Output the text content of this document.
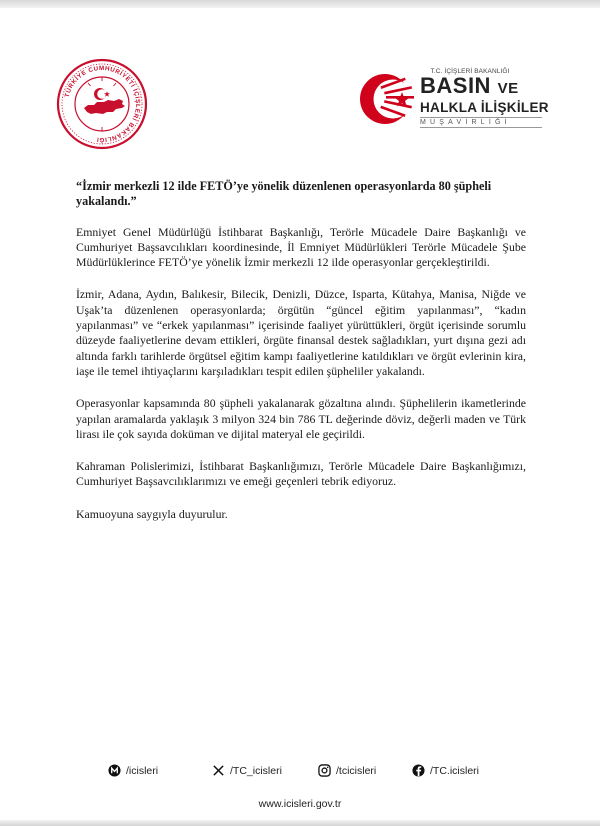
TÜRKİYE CUMHURİYETİ İÇİŞLERİ BAKANLIĞI
T.C. İÇİŞLERİ BAKANLIĞI
BASIN VE
HALKLA İLİŞKİLER
MÜŞAVİRLİĞİ

“İzmir merkezli 12 ilde FETÖ’ye yönelik düzenlenen operasyonlarda 80 şüpheli yakalandı.”

Emniyet Genel Müdürlüğü İstihbarat Başkanlığı, Terörle Mücadele Daire Başkanlığı ve Cumhuriyet Başsavcılıkları koordinesinde, İl Emniyet Müdürlükleri Terörle Mücadele Şube Müdürlüklerince FETÖ’ye yönelik İzmir merkezli 12 ilde operasyonlar gerçekleştirildi.

İzmir, Adana, Aydın, Balıkesir, Bilecik, Denizli, Düzce, Isparta, Kütahya, Manisa, Niğde ve Uşak’ta düzenlenen operasyonlarda; örgütün “güncel eğitim yapılanması”, “kadın yapılanması” ve “erkek yapılanması” içerisinde faaliyet yürüttükleri, örgüt içerisinde sorumlu düzeyde faaliyetlerine devam ettikleri, örgüte finansal destek sağladıkları, yurt dışına gezi adı altında farklı tarihlerde örgütsel eğitim kampı faaliyetlerine katıldıkları ve örgüt evlerinin kira, iaşe ile temel ihtiyaçlarını karşıladıkları tespit edilen şüpheliler yakalandı.

Operasyonlar kapsamında 80 şüpheli yakalanarak gözaltına alındı. Şüphelilerin ikametlerinde yapılan aramalarda yaklaşık 3 milyon 324 bin 786 TL değerinde döviz, değerli maden ve Türk lirası ile çok sayıda doküman ve dijital materyal ele geçirildi.

Kahraman Polislerimizi, İstihbarat Başkanlığımızı, Terörle Mücadele Daire Başkanlığımızı, Cumhuriyet Başsavcılıklarımızı ve emeği geçenleri tebrik ediyoruz.

Kamuoyuna saygıyla duyurulur.

/icisleri	/TC_icisleri	/tcicisleri	/TC.icisleri
www.icisleri.gov.tr
